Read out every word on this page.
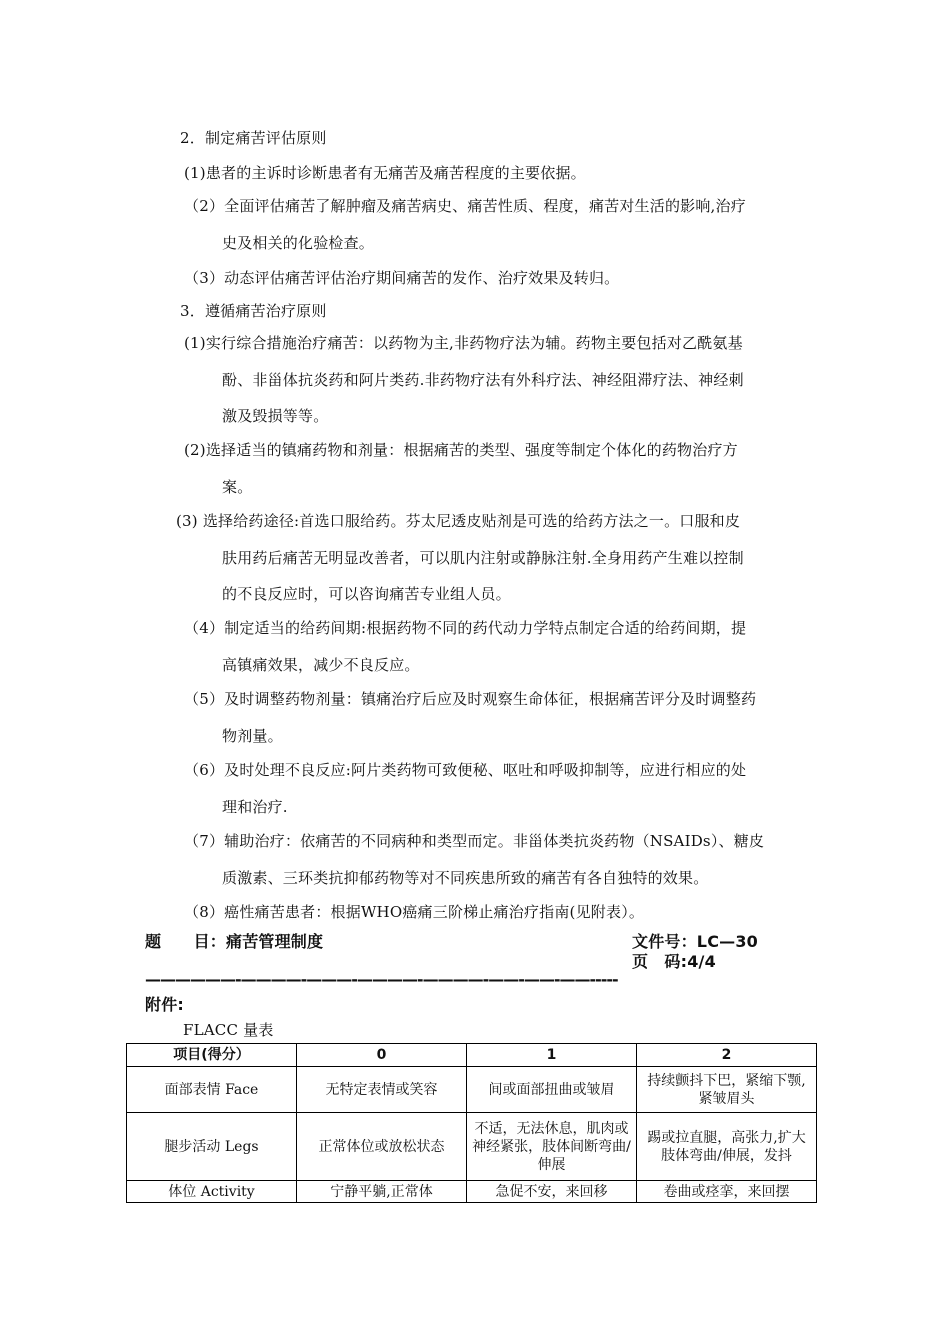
2．制定痛苦评估原则
(1)患者的主诉时诊断患者有无痛苦及痛苦程度的主要依据。
（2）全面评估痛苦了解肿瘤及痛苦病史、痛苦性质、程度，痛苦对生活的影响,治疗
史及相关的化验检查。
（3）动态评估痛苦评估治疗期间痛苦的发作、治疗效果及转归。
3．遵循痛苦治疗原则
(1)实行综合措施治疗痛苦：以药物为主,非药物疗法为辅。药物主要包括对乙酰氨基
酚、非甾体抗炎药和阿片类药.非药物疗法有外科疗法、神经阻滞疗法、神经刺
激及毁损等等。
(2)选择适当的镇痛药物和剂量：根据痛苦的类型、强度等制定个体化的药物治疗方
案。
(3) 选择给药途径:首选口服给药。芬太尼透皮贴剂是可选的给药方法之一。口服和皮
肤用药后痛苦无明显改善者，可以肌内注射或静脉注射.全身用药产生难以控制
的不良反应时，可以咨询痛苦专业组人员。
（4）制定适当的给药间期:根据药物不同的药代动力学特点制定合适的给药间期，提
高镇痛效果，减少不良反应。
（5）及时调整药物剂量：镇痛治疗后应及时观察生命体征，根据痛苦评分及时调整药
物剂量。
（6）及时处理不良反应:阿片类药物可致便秘、呕吐和呼吸抑制等，应进行相应的处
理和治疗.
（7）辅助治疗：依痛苦的不同病种和类型而定。非甾体类抗炎药物（NSAIDs）、糖皮
质激素、三环类抗抑郁药物等对不同疾患所致的痛苦有各自独特的效果。
（8）癌性痛苦患者：根据WHO癌痛三阶梯止痛治疗指南(见附表）。
题　　目：痛苦管理制度	文件号：LC—30
页　码:4/4
——————-————-———-————-————-——-——-——-----
附件:
FLACC 量表
项目(得分）	0	1	2
面部表情 Face	无特定表情或笑容	间或面部扭曲或皱眉	持续颤抖下巴，紧缩下颚,紧皱眉头
腿步活动 Legs	正常体位或放松状态	不适，无法休息，肌肉或神经紧张，肢体间断弯曲/伸展	踢或拉直腿，高张力,扩大肢体弯曲/伸展，发抖
体位 Activity	宁静平躺,正常体	急促不安，来回移	卷曲或痉挛，来回摆
